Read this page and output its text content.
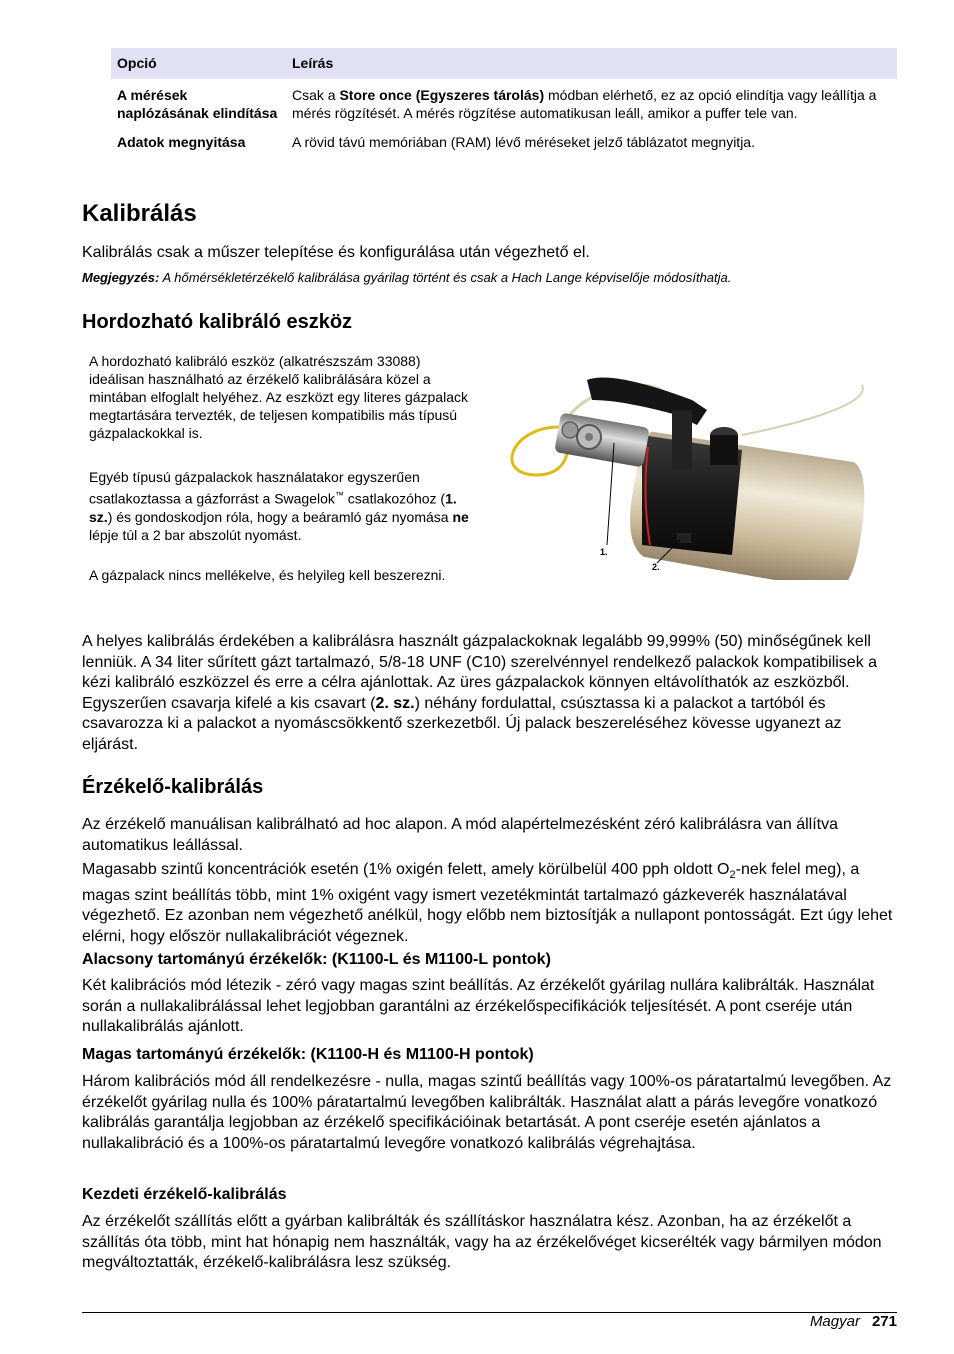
Opció	Leírás
A mérések naplózásának elindítása	Csak a Store once (Egyszeres tárolás) módban elérhető, ez az opció elindítja vagy leállítja a mérés rögzítését. A mérés rögzítése automatikusan leáll, amikor a puffer tele van.
Adatok megnyitása	A rövid távú memóriában (RAM) lévő méréseket jelző táblázatot megnyitja.
Kalibrálás

Kalibrálás csak a műszer telepítése és konfigurálása után végezhető el.

Megjegyzés: A hőmérsékletérzékelő kalibrálása gyárilag történt és csak a Hach Lange képviselője módosíthatja.

Hordozható kalibráló eszköz

A hordozható kalibráló eszköz (alkatrészszám 33088) ideálisan használható az érzékelő kalibrálására közel a mintában elfoglalt helyéhez. Az eszközt egy literes gázpalack megtartására tervezték, de teljesen kompatibilis más típusú gázpalackokkal is.

Egyéb típusú gázpalackok használatakor egyszerűen csatlakoztassa a gázforrást a Swagelok™ csatlakozóhoz (1. sz.) és gondoskodjon róla, hogy a beáramló gáz nyomása ne lépje túl a 2 bar abszolút nyomást.

A gázpalack nincs mellékelve, és helyileg kell beszerezni.

1.
2.

A helyes kalibrálás érdekében a kalibrálásra használt gázpalackoknak legalább 99,999% (50) minőségűnek kell lenniük. A 34 liter sűrített gázt tartalmazó, 5/8-18 UNF (C10) szerelvénnyel rendelkező palackok kompatibilisek a kézi kalibráló eszközzel és erre a célra ajánlottak. Az üres gázpalackok könnyen eltávolíthatók az eszközből. Egyszerűen csavarja kifelé a kis csavart (2. sz.) néhány fordulattal, csúsztassa ki a palackot a tartóból és csavarozza ki a palackot a nyomáscsökkentő szerkezetből. Új palack beszereléséhez kövesse ugyanezt az eljárást.

Érzékelő-kalibrálás

Az érzékelő manuálisan kalibrálható ad hoc alapon. A mód alapértelmezésként zéró kalibrálásra van állítva automatikus leállással.

Magasabb szintű koncentrációk esetén (1% oxigén felett, amely körülbelül 400 pph oldott $O_2$-nek felel meg), a magas szint beállítás több, mint 1% oxigént vagy ismert vezetékmintát tartalmazó gázkeverék használatával végezhető. Ez azonban nem végezhető anélkül, hogy előbb nem biztosítják a nullapont pontosságát. Ezt úgy lehet elérni, hogy először nullakalibrációt végeznek.

Alacsony tartományú érzékelők: (K1100-L és M1100-L pontok)

Két kalibrációs mód létezik - zéró vagy magas szint beállítás. Az érzékelőt gyárilag nullára kalibrálták. Használat során a nullakalibrálással lehet legjobban garantálni az érzékelőspecifikációk teljesítését. A pont cseréje után nullakalibrálás ajánlott.

Magas tartományú érzékelők: (K1100-H és M1100-H pontok)

Három kalibrációs mód áll rendelkezésre - nulla, magas szintű beállítás vagy 100%-os páratartalmú levegőben. Az érzékelőt gyárilag nulla és 100% páratartalmú levegőben kalibrálták. Használat alatt a párás levegőre vonatkozó kalibrálás garantálja legjobban az érzékelő specifikációinak betartását. A pont cseréje esetén ajánlatos a nullakalibráció és a 100%-os páratartalmú levegőre vonatkozó kalibrálás végrehajtása.

Kezdeti érzékelő-kalibrálás

Az érzékelőt szállítás előtt a gyárban kalibrálták és szállításkor használatra kész. Azonban, ha az érzékelőt a szállítás óta több, mint hat hónapig nem használták, vagy ha az érzékelővéget kicserélték vagy bármilyen módon megváltoztatták, érzékelő-kalibrálásra lesz szükség.

Magyar 271
